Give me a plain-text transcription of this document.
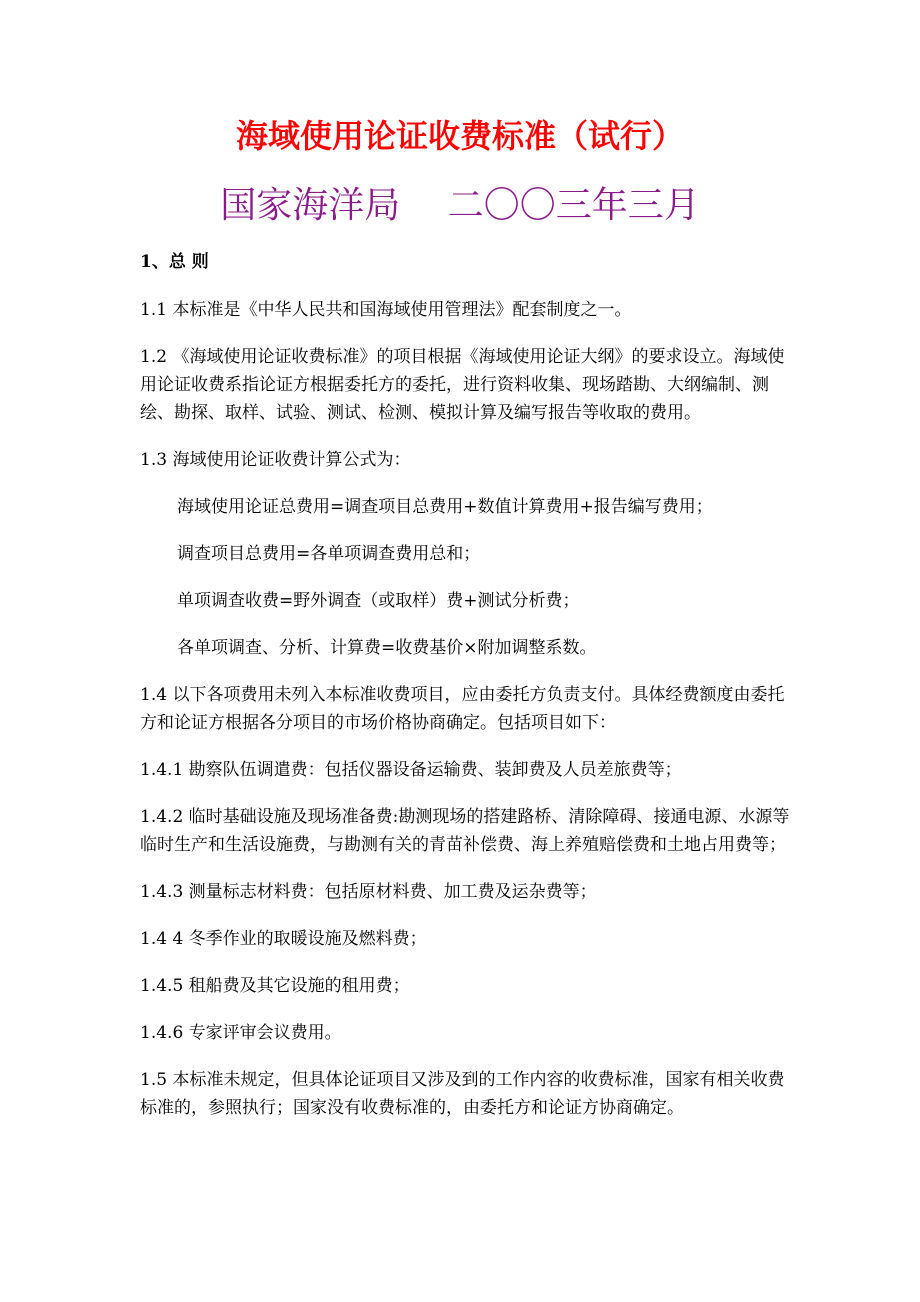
海域使用论证收费标准（试行）
国家海洋局　 二〇〇三年三月

1、总 则

1.1 本标准是《中华人民共和国海域使用管理法》配套制度之一。

1.2 《海域使用论证收费标准》的项目根据《海域使用论证大纲》的要求设立。海域使用论证收费系指论证方根据委托方的委托，进行资料收集、现场踏勘、大纲编制、测绘、勘探、取样、试验、测试、检测、模拟计算及编写报告等收取的费用。

1.3 海域使用论证收费计算公式为：

海域使用论证总费用=调查项目总费用+数值计算费用+报告编写费用；

调查项目总费用=各单项调查费用总和；

单项调查收费=野外调查（或取样）费+测试分析费；

各单项调查、分析、计算费=收费基价×附加调整系数。

1.4 以下各项费用未列入本标准收费项目，应由委托方负责支付。具体经费额度由委托方和论证方根据各分项目的市场价格协商确定。包括项目如下：

1.4.1 勘察队伍调遣费：包括仪器设备运输费、装卸费及人员差旅费等；

1.4.2 临时基础设施及现场准备费:勘测现场的搭建路桥、清除障碍、接通电源、水源等临时生产和生活设施费，与勘测有关的青苗补偿费、海上养殖赔偿费和土地占用费等；

1.4.3 测量标志材料费：包括原材料费、加工费及运杂费等；

1.4 4 冬季作业的取暖设施及燃料费；

1.4.5 租船费及其它设施的租用费；

1.4.6 专家评审会议费用。

1.5 本标准未规定，但具体论证项目又涉及到的工作内容的收费标准，国家有相关收费标准的，参照执行；国家没有收费标准的，由委托方和论证方协商确定。
